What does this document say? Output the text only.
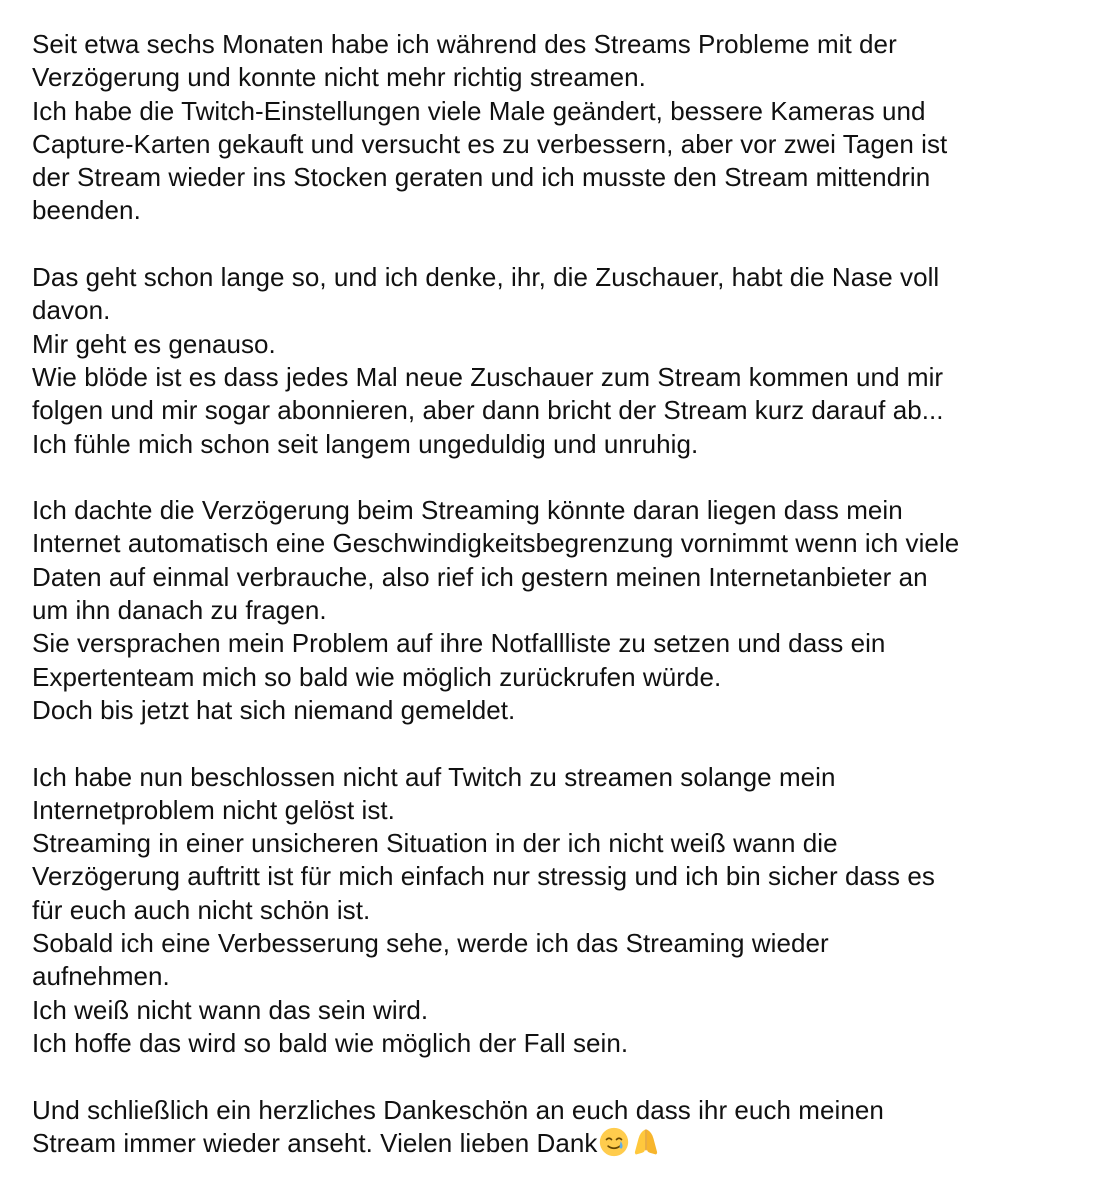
Seit etwa sechs Monaten habe ich während des Streams Probleme mit der
Verzögerung und konnte nicht mehr richtig streamen.
Ich habe die Twitch-Einstellungen viele Male geändert, bessere Kameras und
Capture-Karten gekauft und versucht es zu verbessern, aber vor zwei Tagen ist
der Stream wieder ins Stocken geraten und ich musste den Stream mittendrin
beenden.
Das geht schon lange so, und ich denke, ihr, die Zuschauer, habt die Nase voll
davon.
Mir geht es genauso.
Wie blöde ist es dass jedes Mal neue Zuschauer zum Stream kommen und mir
folgen und mir sogar abonnieren, aber dann bricht der Stream kurz darauf ab...
Ich fühle mich schon seit langem ungeduldig und unruhig.
Ich dachte die Verzögerung beim Streaming könnte daran liegen dass mein
Internet automatisch eine Geschwindigkeitsbegrenzung vornimmt wenn ich viele
Daten auf einmal verbrauche, also rief ich gestern meinen Internetanbieter an
um ihn danach zu fragen.
Sie versprachen mein Problem auf ihre Notfallliste zu setzen und dass ein
Expertenteam mich so bald wie möglich zurückrufen würde.
Doch bis jetzt hat sich niemand gemeldet.
Ich habe nun beschlossen nicht auf Twitch zu streamen solange mein
Internetproblem nicht gelöst ist.
Streaming in einer unsicheren Situation in der ich nicht weiß wann die
Verzögerung auftritt ist für mich einfach nur stressig und ich bin sicher dass es
für euch auch nicht schön ist.
Sobald ich eine Verbesserung sehe, werde ich das Streaming wieder
aufnehmen.
Ich weiß nicht wann das sein wird.
Ich hoffe das wird so bald wie möglich der Fall sein.
Und schließlich ein herzliches Dankeschön an euch dass ihr euch meinen
Stream immer wieder anseht. Vielen lieben Dank
